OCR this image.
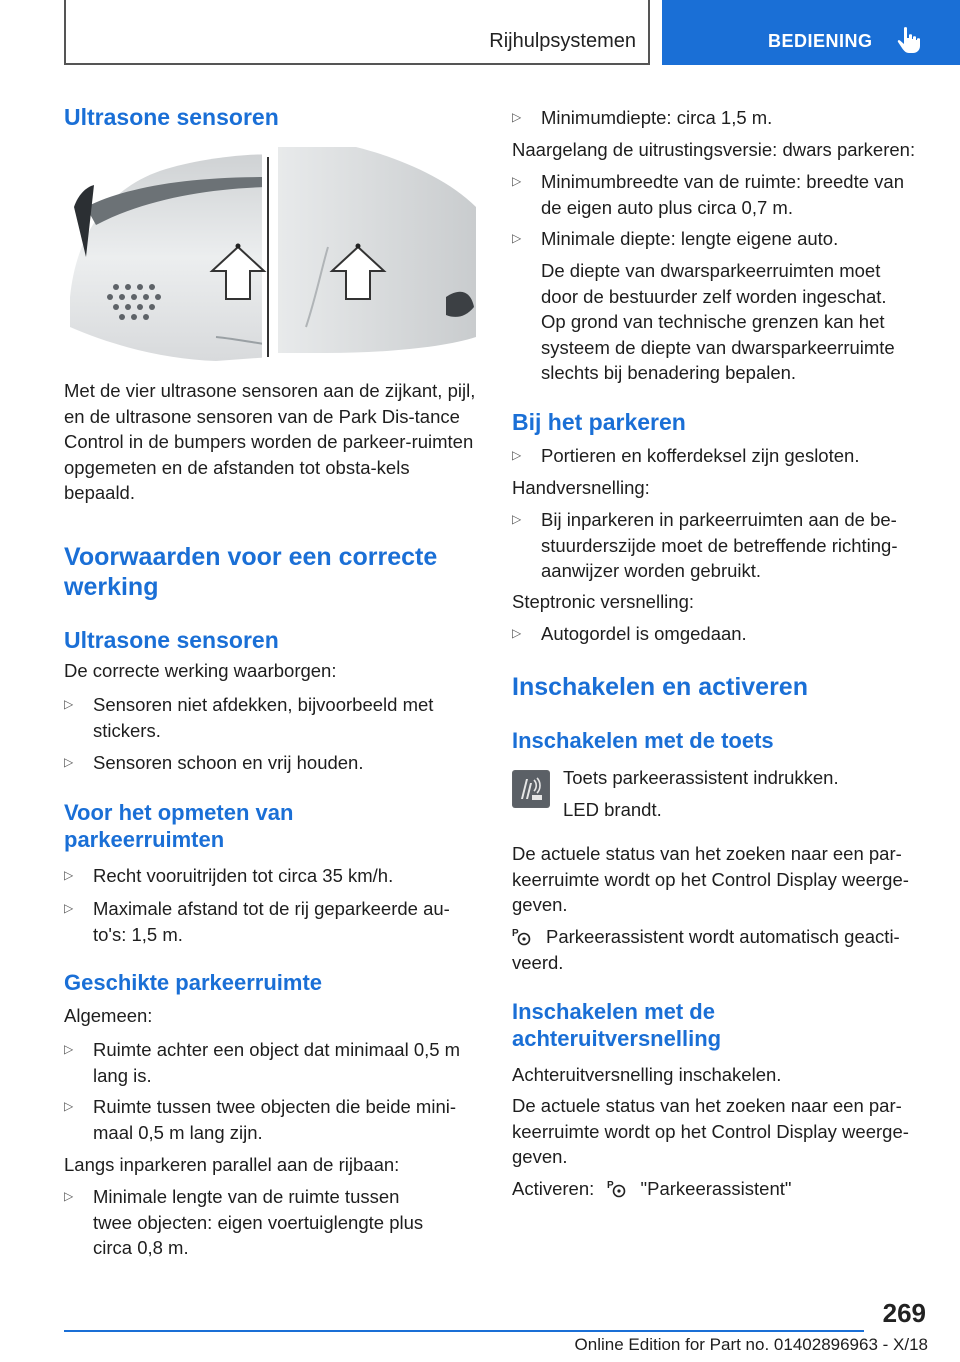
Rijhulpsystemen	BEDIENING
Ultrasone sensoren
Met de vier ultrasone sensoren aan de zijkant, pijl, en de ultrasone sensoren van de Park Dis-tance Control in de bumpers worden de parkeer-ruimten opgemeten en de afstanden tot obsta-kels bepaald.
Voorwaarden voor een correcte werking
Ultrasone sensoren
De correcte werking waarborgen:
▷ Sensoren niet afdekken, bijvoorbeeld met stickers.
▷ Sensoren schoon en vrij houden.
Voor het opmeten van parkeerruimten
▷ Recht vooruitrijden tot circa 35 km/h.
▷ Maximale afstand tot de rij geparkeerde au-to's: 1,5 m.
Geschikte parkeerruimte
Algemeen:
▷ Ruimte achter een object dat minimaal 0,5 m lang is.
▷ Ruimte tussen twee objecten die beide mini-maal 0,5 m lang zijn.
Langs inparkeren parallel aan de rijbaan:
▷ Minimale lengte van de ruimte tussen twee objecten: eigen voertuiglengte plus circa 0,8 m.
▷ Minimumdiepte: circa 1,5 m.
Naargelang de uitrustingsversie: dwars parkeren:
▷ Minimumbreedte van de ruimte: breedte van de eigen auto plus circa 0,7 m.
▷ Minimale diepte: lengte eigene auto.
De diepte van dwarsparkeerruimten moet door de bestuurder zelf worden ingeschat. Op grond van technische grenzen kan het systeem de diepte van dwarsparkeerruimte slechts bij benadering bepalen.
Bij het parkeren
▷ Portieren en kofferdeksel zijn gesloten.
Handversnelling:
▷ Bij inparkeren in parkeerruimten aan de be-stuurderszijde moet de betreffende richting-aanwijzer worden gebruikt.
Steptronic versnelling:
▷ Autogordel is omgedaan.
Inschakelen en activeren
Inschakelen met de toets
Toets parkeerassistent indrukken.
LED brandt.
De actuele status van het zoeken naar een par-keerruimte wordt op het Control Display weerge-geven.
Parkeerassistent wordt automatisch geacti-veerd.
P
Inschakelen met de achteruitversnelling
Achteruitversnelling inschakelen.
De actuele status van het zoeken naar een par-keerruimte wordt op het Control Display weerge-geven.
Activeren: P "Parkeerassistent"
269
Online Edition for Part no. 01402896963 - X/18
